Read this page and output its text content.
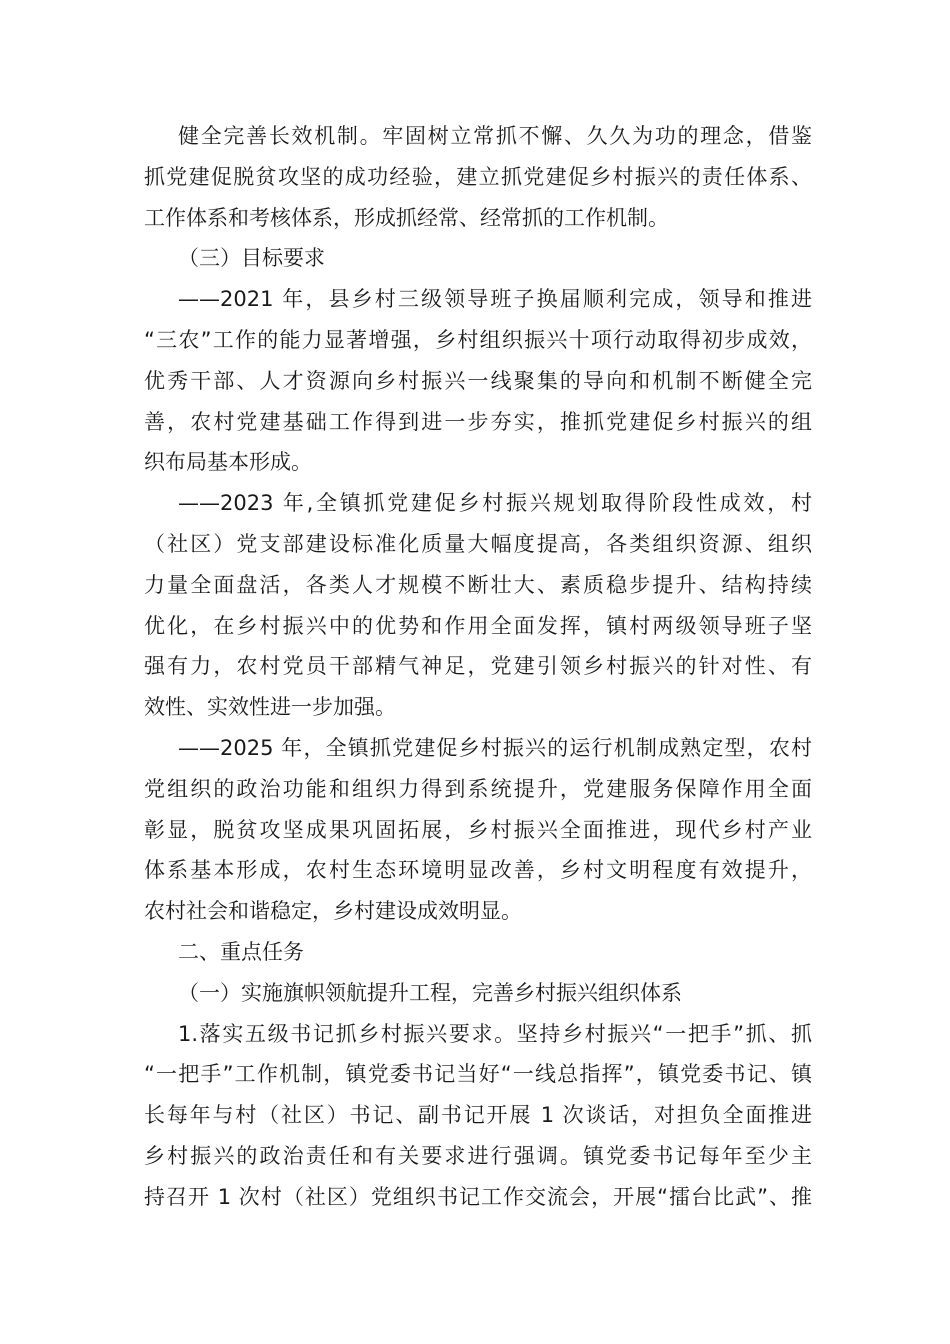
健全完善长效机制。牢固树立常抓不懈、久久为功的理念，借鉴
抓党建促脱贫攻坚的成功经验，建立抓党建促乡村振兴的责任体系、
工作体系和考核体系，形成抓经常、经常抓的工作机制。
（三）目标要求
——2021 年，县乡村三级领导班子换届顺利完成，领导和推进
“三农”工作的能力显著增强，乡村组织振兴十项行动取得初步成效，
优秀干部、人才资源向乡村振兴一线聚集的导向和机制不断健全完
善，农村党建基础工作得到进一步夯实，推抓党建促乡村振兴的组
织布局基本形成。
——2023 年,全镇抓党建促乡村振兴规划取得阶段性成效，村
（社区）党支部建设标准化质量大幅度提高，各类组织资源、组织
力量全面盘活，各类人才规模不断壮大、素质稳步提升、结构持续
优化，在乡村振兴中的优势和作用全面发挥，镇村两级领导班子坚
强有力，农村党员干部精气神足，党建引领乡村振兴的针对性、有
效性、实效性进一步加强。
——2025 年，全镇抓党建促乡村振兴的运行机制成熟定型，农村
党组织的政治功能和组织力得到系统提升，党建服务保障作用全面
彰显，脱贫攻坚成果巩固拓展，乡村振兴全面推进，现代乡村产业
体系基本形成，农村生态环境明显改善，乡村文明程度有效提升，
农村社会和谐稳定，乡村建设成效明显。
二、重点任务
（一）实施旗帜领航提升工程，完善乡村振兴组织体系
1.落实五级书记抓乡村振兴要求。坚持乡村振兴“一把手”抓、抓
“一把手”工作机制，镇党委书记当好“一线总指挥”，镇党委书记、镇
长每年与村（社区）书记、副书记开展 1 次谈话，对担负全面推进
乡村振兴的政治责任和有关要求进行强调。镇党委书记每年至少主
持召开 1 次村（社区）党组织书记工作交流会，开展“擂台比武”、推
